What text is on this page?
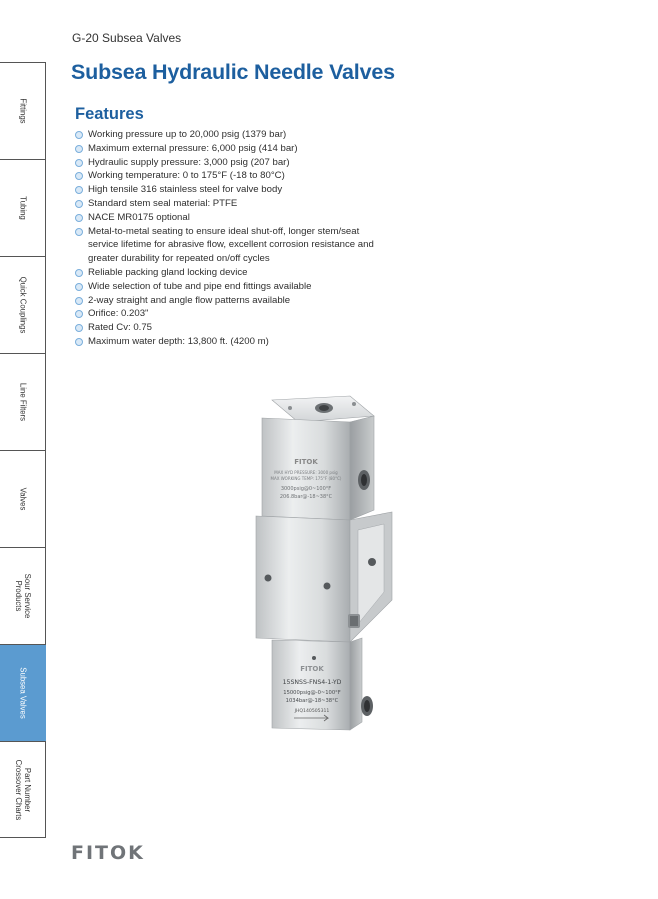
G-20 Subsea Valves
Subsea Hydraulic Needle Valves
Features
Working pressure up to 20,000 psig (1379 bar)
Maximum external pressure: 6,000 psig (414 bar)
Hydraulic supply pressure: 3,000 psig (207 bar)
Working temperature: 0 to 175°F (-18 to 80°C)
High tensile 316 stainless steel for valve body
Standard stem seal material: PTFE
NACE MR0175 optional
Metal-to-metal seating to ensure ideal shut-off, longer stem/seat
service lifetime for abrasive flow, excellent corrosion resistance and
greater durability for repeated on/off cycles
Reliable packing gland locking device
Wide selection of tube and pipe end fittings available
2-way straight and angle flow patterns available
Orifice: 0.203"
Rated Cv: 0.75
Maximum water depth: 13,800 ft. (4200 m)
Fittings
Tubing
Quick Couplings
Line Filters
Valves
Sour Service
Products
Subsea Valves
Part Number
Crossover Charts
FITOK
MAX HYD PRESSURE: 3000 psig
MAX WORKING TEMP: 175°F (80°C)
3000psig@0~100°F
206.8bar@-18~38°C
FITOK
15SNSS-FNS4-1-YD
15000psig@-0~100°F
1034bar@-18~38°C
JHQ140505311
FITOK
